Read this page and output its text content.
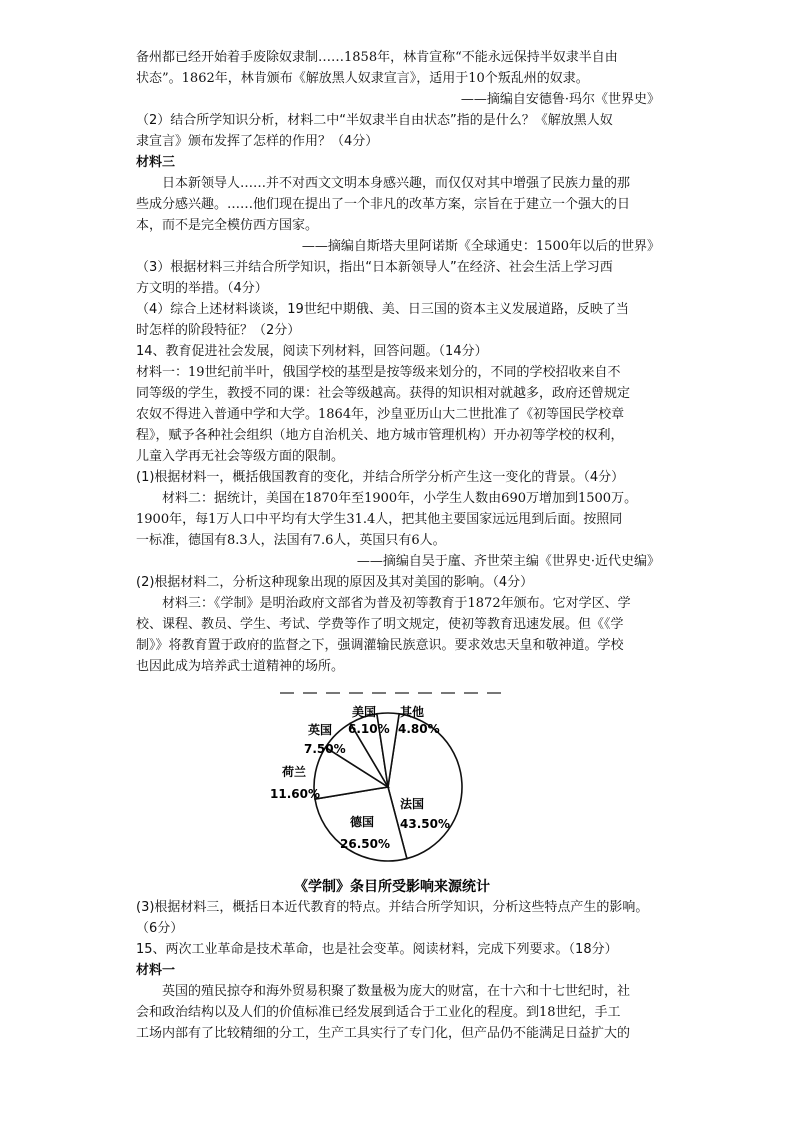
美国
6.10%
其他
4.80%
英国
7.50%
荷兰
11.60%
法国
43.50%
德国
26.50%
《学制》条目所受影响来源统计
备州都已经开始着手废除奴隶制……1858年，林肯宣称“不能永远保持半奴隶半自由
状态”。1862年，林肯颁布《解放黑人奴隶宣言》，适用于10个叛乱州的奴隶。
——摘编自安德鲁·玛尔《世界史》
（2）结合所学知识分析，材料二中“半奴隶半自由状态”指的是什么？《解放黑人奴
隶宣言》颁布发挥了怎样的作用？（4分）
材料三
　　日本新领导人……并不对西文文明本身感兴趣，而仅仅对其中增强了民族力量的那
些成分感兴趣。……他们现在提出了一个非凡的改革方案，宗旨在于建立一个强大的日
本，而不是完全模仿西方国家。
——摘编自斯塔夫里阿诺斯《全球通史：1500年以后的世界》
（3）根据材料三并结合所学知识，指出“日本新领导人”在经济、社会生活上学习西
方文明的举措。（4分）
（4）综合上述材料谈谈，19世纪中期俄、美、日三国的资本主义发展道路，反映了当
时怎样的阶段特征？（2分）
14、教育促进社会发展，阅读下列材料，回答问题。（14分）
材料一：19世纪前半叶，俄国学校的基型是按等级来划分的，不同的学校招收来自不
同等级的学生，教授不同的课：社会等级越高。获得的知识相对就越多，政府还曾规定
农奴不得进入普通中学和大学。1864年，沙皇亚历山大二世批准了《初等国民学校章
程》，赋予各种社会组织（地方自治机关、地方城市管理机构）开办初等学校的权利，
儿童入学再无社会等级方面的限制。
(1)根据材料一，概括俄国教育的变化，并结合所学分析产生这一变化的背景。（4分）
　　材料二：据统计，美国在1870年至1900年，小学生人数由690万增加到1500万。
1900年，每1万人口中平均有大学生31.4人，把其他主要国家远远甩到后面。按照同
一标准，德国有8.3人，法国有7.6人，英国只有6人。
——摘编自吴于廑、齐世荣主编《世界史·近代史编》
(2)根据材料二，分析这种现象出现的原因及其对美国的影响。（4分）
　　材料三：《学制》是明治政府文部省为普及初等教育于1872年颁布。它对学区、学
校、课程、教员、学生、考试、学费等作了明文规定，使初等教育迅速发展。但《《学
制》》将教育置于政府的监督之下，强调灌输民族意识。要求效忠天皇和敬神道。学校
也因此成为培养武士道精神的场所。
(3)根据材料三，概括日本近代教育的特点。并结合所学知识，分析这些特点产生的影响。
（6分）
15、两次工业革命是技术革命，也是社会变革。阅读材料，完成下列要求。（18分）
材料一
　　英国的殖民掠夺和海外贸易积聚了数量极为庞大的财富，在十六和十七世纪时，社
会和政治结构以及人们的价值标准已经发展到适合于工业化的程度。到18世纪，手工
工场内部有了比较精细的分工，生产工具实行了专门化，但产品仍不能满足日益扩大的
